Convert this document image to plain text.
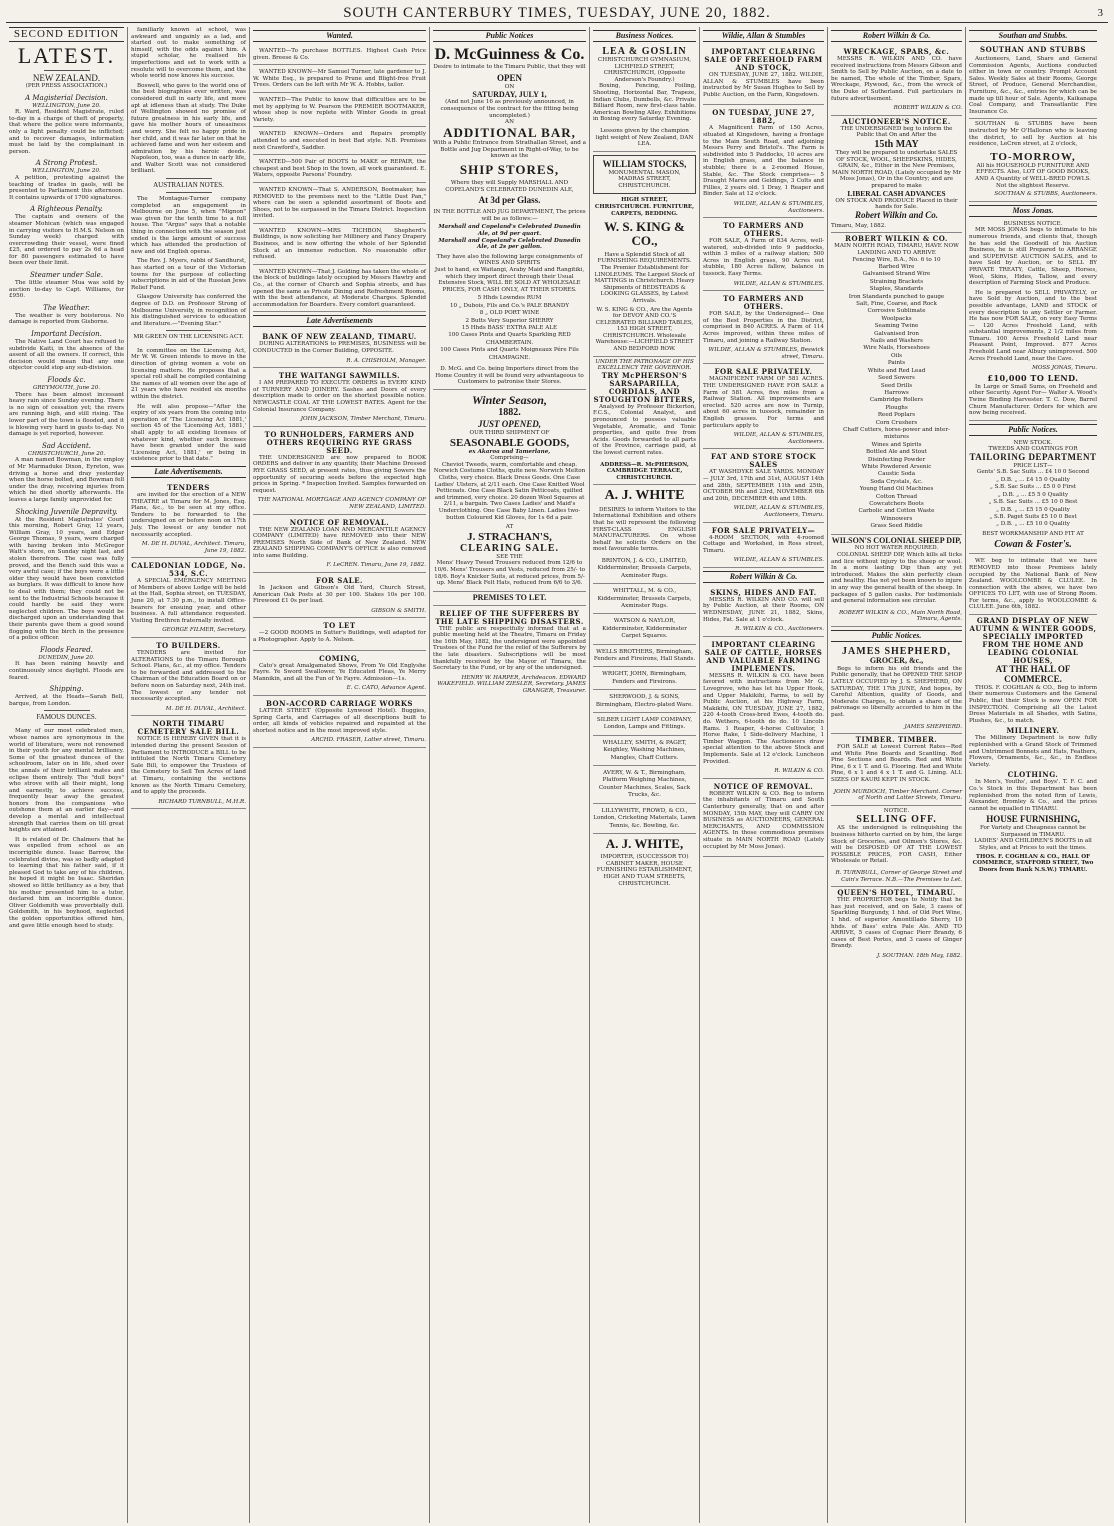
SOUTH CANTERBURY TIMES, TUESDAY, JUNE 20, 1882.	3
SECOND EDITION
LATEST.
NEW ZEALAND.
(PER PRESS ASSOCIATION.)
A Magisterial Decision.
WELLINGTON, June 20.

R. Ward, Resident Magistrate, ruled to-day in a charge of theft of property, that where the police were informants, only a light penalty could be inflicted; and to recover damages, information must be laid by the complainant in person.

A Strong Protest.
WELLINGTON, June 20.

A petition, protesting against the teaching of trades in gaols, will be presented to Parliament this afternoon. It contains upwards of 1700 signatures.

A Righteous Penalty.

The captain and owners of the steamer Mohican (which was engaged in carrying visitors to H.M.S. Nelson on Sunday week) charged with overcrowding their vessel, were fined £25, and ordered to pay 2s 6d a head for 80 passengers estimated to have been over their limit.

Steamer under Sale.

The little steamer Mua was sold by auction to-day to Capt. Williams, for £950.

The Weather.

The weather is very boisterous. No damage is reported from Gisborne.

Important Decision.

The Native Land Court has refused to subdivide Kaiti, in the absence of the assent of all the owners. If correct, this decision would mean that any one objector could stop any sub-division.

Floods &c.
GREYMOUTH, June 20.

There has been almost incessant heavy rain since Sunday evening. There is no sign of cessation yet; the rivers are running high, and still rising. The lower part of the town is flooded, and it is blowing very hard in gusts to-day. No damage is yet reported, however.

Sad Accident.
CHRISTCHURCH, June 20.

A man named Bowman, in the employ of Mr Marmaduke Dixon, Eyreton, was driving a horse and dray yesterday when the horse bolted, and Bowman fell under the dray, receiving injuries from which he died shortly afterwards. He leaves a large family unprovided for.

Shocking Juvenile Depravity.

At the Resident Magistrates' Court this morning, Robert Gray, 12 years, William Gray, 10 years, and Edgar George Thomas, 9 years, were charged with having broken into McGregor Watt's store, on Sunday night last, and stolen therefrom. The case was fully proved, and the Bench said this was a very awful case; if the boys were a little older they would have been convicted as burglars. It was difficult to know how to deal with them; they could not be sent to the Industrial Schools because it could hardly be said they were neglected children. The boys would be discharged upon an understanding that their parents gave them a good sound flogging with the birch in the presence of a police officer.

Floods Feared.
DUNEDIN, June 20.

It has been raining heavily and continuously since daylight. Floods are feared.

Shipping.

Arrived, at the Heads—Sarah Bell, barque, from London.

FAMOUS DUNCES.

Many of our most celebrated men, whose names are synonymous in the world of literature, were not renowned in their youth for any mental brilliancy. Some of the greatest dunces of the schoolroom, later on in life, shed over the annals of their brilliant mates and eclipse them entirely. The "dull boys" who strove with all their might, long and earnestly, to achieve success, frequently bear away the greatest honors from the companions who outshone them at an earlier day—and develop a mental and intellectual strength that carries them on till great heights are attained.

It is related of Dr. Chalmers that he was expelled from school as an incorrigible dunce. Isaac Barrow, the celebrated divine, was so badly adapted to learning that his father said, if it pleased God to take any of his children, he hoped it might be Isaac. Sheridan showed so little brilliancy as a boy, that his mother presented him to a tutor, declared him an incorrigible dunce. Oliver Goldsmith was proverbially dull. Goldsmith, in his boyhood, neglected the golden opportunities offered him, and gave little enough heed to study.

familiarly known at school, was awkward and ungainly as a lad, and started out to make something of himself, with the odds against him. A stupid scholar, he realised his imperfections and set to work with a resolute will to overcome them, and the whole world now knows his success.

Boswell, who gave to the world one of the best biographies ever written, was considered dull in early life, and more apt at idleness than at study. The Duke of Wellington showed no promise of future greatness in his early life, and gave his mother hours of uneasiness and worry. She felt no happy pride in her child, and it was far later on that he achieved fame and won her esteem and admiration by his heroic deeds. Napoleon, too, was a dunce in early life, and Walter Scott was not considered brilliant.

AUSTRALIAN NOTES.

The Montague-Turner company completed an engagement in Melbourne on June 5, when "Mignon" was given for the tenth time to a full house. The "Argus" says that a notable thing in connection with the season just ended is the large amount of success which has attended the production of new and old English operas.

The Rev. J. Myers, rabbi of Sandhurst, has started on a tour of the Victorian towns for the purpose of collecting subscriptions in aid of the Russian Jews Relief Fund.

Glasgow University has conferred the degree of D.D. on Professor Strong of Melbourne University, in recognition of his distinguished services to education and literature.—"Evening Star."

MR GREEN ON THE LICENSING ACT.

In committee on the Licensing Act, Mr W. W. Green intends to move in the direction of giving women a vote on licensing matters. He proposes that a special roll shall be compiled containing the names of all women over the age of 21 years who have resided six months within the district.

He will also propose—"After the expiry of six years from the coming into operation of 'The Licensing Act 1881,' section 45 of the 'Licensing Act, 1881,' shall apply to all existing licenses of whatever kind, whether such licenses have been granted under the said 'Licensing Act, 1881,' or being in existence prior to that date."

Late Advertisements.
TENDERS

are invited for the erection of a NEW THEATRE at Timaru for M. Jones, Esq. Plans, &c., to be seen at my office. Tenders to be forwarded to the undersigned on or before noon on 17th July. The lowest or any tender not necessarily accepted.

M. DE H. DUVAL, Architect. Timaru, June 19, 1882.
CALEDONIAN LODGE, No. 534, S.C.

A SPECIAL EMERGENCY MEETING of Members of above Lodge will be held at the Hall, Sophia street, on TUESDAY, June 20, at 7.30 p.m., to install Office-bearers for ensuing year, and other business. A full attendance requested. Visiting Brethren fraternally invited.

GEORGE FILMER, Secretary.
TO BUILDERS.

TENDERS are invited for ALTERATIONS to the Timaru Borough School. Plans, &c., at my office. Tenders to be forwarded and addressed to the Chairman of the Education Board on or before noon on Saturday next, 24th inst. The lowest or any tender not necessarily accepted.

M. DE H. DUVAL, Architect.
NORTH TIMARU CEMETERY SALE BILL.

NOTICE IS HEREBY GIVEN that it is intended during the present Session of Parliament to INTRODUCE a BILL to be intituled the North Timaru Cemetery Sale Bill, to empower the Trustees of the Cemetery to Sell Ten Acres of land at Timaru, containing the sections known as the North Timaru Cemetery, and to apply the proceeds.

RICHARD TURNBULL, M.H.R.
Wanted.

WANTED—To purchase BOTTLES. Highest Cash Price given. Breese & Co.

WANTED KNOWN—Mr Samuel Turner, late gardener to J. W. White Esq., is prepared to Prune and Blight-free Fruit Trees. Orders can be left with Mr W. A. Hobbs, tailor.

WANTED—The Public to know that difficulties are to be met by applying to W. Pearson the PREMIER BOOTMAKER, whose shop is now replete with Winter Goods in great Variety.

WANTED KNOWN—Orders and Repairs promptly attended to and executed in best Bad style. N.B. Premises next Crawford's, Saddler.

WANTED—500 Pair of BOOTS to MAKE or REPAIR, the cheapest and best Shop in the town, all work guaranteed. E. Waters, opposite Parsons' Foundry.

WANTED KNOWN—That S. ANDERSON, Bootmaker, has REMOVED to the premises next to the "Little Dust Pan," where can be seen a splendid assortment of Boots and Shoes, not to be surpassed in the Timaru District. Inspection invited.

WANTED KNOWN—MRS TICHBON, Shepherd's Buildings, is now soliciting her Millinery and Fancy Drapery Business, and is now offering the whole of her Splendid Stock at an immense reduction. No reasonable offer refused.

WANTED KNOWN—That J. Golding has taken the whole of the block of buildings lately occupied by Messrs Hawtry and Co., at the corner of Church and Sophia streets, and has opened the same as Private Dining and Refreshment Rooms, with the best attendance, at Moderate Charges. Splendid accommodation for Boarders. Every comfort guaranteed.

Late Advertisements
BANK OF NEW ZEALAND, TIMARU.

DURING ALTERATIONS to PREMISES, BUSINESS will be CONDUCTED in the Corner Building, OPPOSITE.

R. A. CHISHOLM, Manager.
THE WAITANGI SAWMILLS.

I AM PREPARED TO EXECUTE ORDERS in EVERY KIND of TURNERY AND JOINERY. Sashes and Doors of every description made to order on the shortest possible notice. NEWCASTLE COAL AT THE LOWEST RATES. Agent for the Colonial Insurance Company.

JOHN JACKSON, Timber Merchant, Timaru.
TO RUNHOLDERS, FARMERS AND OTHERS REQUIRING RYE GRASS SEED.

THE UNDERSIGNED are now prepared to BOOK ORDERS and deliver in any quantity, their Machine Dressed RYE GRASS SEED, at present rates, thus giving Sowers the opportunity of securing seeds before the expected high prices in Spring. * Inspection Invited. Samples forwarded on request.

THE NATIONAL MORTGAGE AND AGENCY COMPANY OF NEW ZEALAND, LIMITED.
NOTICE OF REMOVAL.

THE NEW ZEALAND LOAN AND MERCANTILE AGENCY COMPANY (LIMITED) have REMOVED into their NEW PREMISES North Side of Bank of New Zealand. NEW ZEALAND SHIPPING COMPANY'S OFFICE is also removed into same Building.

F. LeCREN. Timaru, June 19, 1882.
FOR SALE.

In Jackson and Gibson's Old Yard, Church Street, American Oak Posts at 30 per 100. Stakes 10s per 100. Firewood £1 0s per load.

GIBSON & SMITH.
TO LET

—2 GOOD ROOMS in Sutter's Buildings, well adapted for a Photographer. Apply to A. Nelson.

COMING,

Cato's great Amalgamated Shows, From Ye Old Englyshe Fayre. Ye Sword Swallower, Ye Educated Fleas, Ye Merry Mannikin, and all the Fun of Ye Fayre. Admission—1s.

E. C. CATO, Advance Agent.
BON-ACCORD CARRIAGE WORKS

LATTER STREET (Opposite Lynwood Hotel). Buggies, Spring Carts, and Carriages of all descriptions built to order, all kinds of vehicles repaired and repainted at the shortest notice and in the most improved style.

ARCHD. FRASER, Latter street, Timaru.
Public Notices
D. McGuinness & Co.
Desire to intimate to the Timaru Public, that they will
OPEN
ON
SATURDAY, JULY 1,
(And not June 16 as previously announced, in consequence of the contract for the fitting being uncompleted.)
AN
ADDITIONAL BAR,
With a Public Entrance from Strathallan Street, and a Bottle and Jug Department in Right-of-Way, to be known as the
SHIP STORES,
Where they will Supply MARSHALL AND COPELAND'S CELEBRATED DUNEDIN ALE,
At 3d per Glass.
IN THE BOTTLE AND JUG DEPARTMENT, The prices will be as follows:—
Marshall and Copeland's Celebrated Dunedin Ale, at 9d per quart.
Marshall and Copeland's Celebrated Dunedin Ale, at 2s per gallon.
They have also the following large consignments of WINES AND SPIRITS
Just to hand, ex Waitangi, Araby Maid and Rangitiki, which they import direct through their Usual Extensive Stock, WILL BE SOLD AT WHOLESALE PRICES, FOR CASH ONLY, AT THEIR STORES.
5 Hhds Lowndes RUM
10 „ Dubois, Fils and Co.'s PALE BRANDY
8 „ OLD PORT WINE
2 Butts Very Superior SHERRY
15 Hhds BASS' EXTRA PALE ALE
100 Cases Pints and Quarts Sparkling RED CHAMBERTAIN.
100 Cases Pints and Quarts Moigneaux Pére Fils CHAMPAGNE.
D. McG. and Co. being Importers direct from the Home Country it will be found very advantageous to Customers to patronise their Stores.
Winter Season,
1882.
JUST OPENED,
OUR THIRD SHIPMENT OF
SEASONABLE GOODS,
ex Akaroa and Tamerlane,
Comprising—
Cheviot Tweeds, warm, comfortable and cheap. Norwich Costume Cloths, quite new. Norwich Melton Cloths, very choice. Black Dress Goods. One Case Ladies' Ulsters, at 2/11 each. One Case Knitted Wool Petticoats. One Case Black Satin Petticoats, quilted and trimmed, very choice. 20 dozen Wool Squares at 2/11, a bargain. Two Cases Ladies' and Maid's Underclothing. One Case Baby Linen. Ladies two-button Coloured Kid Gloves, for 1s 6d a pair.
AT
J. STRACHAN'S,
CLEARING SALE.
SEE THE
Mens' Heavy Tweed Trousers reduced from 12/6 to 10/6. Mens' Trousers and Vests, reduced from 25/- to 18/6. Boy's Knicker Suits, at reduced prices, from 5/- up. Mens' Black Felt Hats, reduced from 6/6 to 3/6.
PREMISES TO LET.
RELIEF OF THE SUFFERERS BY THE LATE SHIPPING DISASTERS.

THE public are respectfully informed that at a public meeting held at the Theatre, Timaru on Friday the 16th May, 1882, the undersigned were appointed Trustees of the Fund for the relief of the Sufferers by the late disasters. Subscriptions will be most thankfully received by the Mayor of Timaru, the Secretary to the Fund, or by any of the undersigned.

HENRY W. HARPER, Archdeacon. EDWARD WAKEFIELD. WILLIAM ZIESLER, Secretary. JAMES GRANGER, Treasurer.
Business Notices.
LEA & GOSLIN
CHRISTCHURCH GYMNASIUM, LICHFIELD STREET, CHRISTCHURCH, (Opposite Anderson's Foundry.)

Boxing, Fencing, Foiling, Shooting, Horizontal Bar, Trapeze, Indian Clubs, Dumbells, &c. Private Billiard Room, new first-class table. American Bowling Alley. Exhibitions in Boxing every Saturday Evening.

Lessons given by the champion light weight of New Zealand, DAN LEA.
WILLIAM STOCKS,
MONUMENTAL MASON, MADRAS STREET, CHRISTCHURCH.
HIGH STREET, CHRISTCHURCH. FURNITURE, CARPETS, BEDDING.
W. S. KING & CO.,
Have a Splendid Stock of all FURNISHING REQUIREMENTS. The Premier Establishment for LINOLEUMS. The Largest Stock of MATTINGS in Christchurch. Heavy Shipments of BEDSTEADS & LOOKING GLASSES, by Latest Arrivals.
W. S. KING & CO., Are the Agents for DEVOY AND CO.'S CELEBRATED BILLIARD TABLES, 153 HIGH STREET, CHRISTCHURCH. Wholesale Warehouse:—LICHFIELD STREET AND BEDFORD ROW.
UNDER THE PATRONAGE OF HIS EXCELLENCY THE GOVERNOR.
TRY McPHERSON'S SARSAPARILLA, CORDIALS, AND STOUGHTON BITTERS,

Analysed by Professor Bickerton, F.C.S., Colonial Analyst, and pronounced to possess valuable Vegetable, Aromatic, and Tonic properties, and quite free from Acids. Goods forwarded to all parts of the Province, carriage paid, at the lowest current rates.

ADDRESS—R. McPHERSON, CAMBRIDGE TERRACE, CHRISTCHURCH.
A. J. WHITE

DESIRES to inform Visitors to the International Exhibition and others that he will represent the following FIRST-CLASS ENGLISH MANUFACTURERS. On whose behalf he solicits Orders on the most favourable terms.

BRINTON, J. & CO., LIMITED, Kidderminster, Brussels Carpets, Axminster Rugs.
WHITTALL, M. & CO., Kidderminster, Brussels Carpets, Axminster Rugs.
WATSON & NAYLOR, Kidderminster, Kidderminster Carpet Squares.
WELLS BROTHERS, Birmingham, Fenders and Fireirons, Hall Stands.
WRIGHT, JOHN, Birmingham, Fenders and Fireirons.
SHERWOOD, J. & SONS, Birmingham, Electro-plated Ware.
SILBER LIGHT LAMP COMPANY, London, Lamps and Fittings.
WHALLEY, SMITH, & PAGET, Keighley, Washing Machines, Mangles, Chaff Cutters.
AVERY, W. & T., Birmingham, Platform Weighing Machines, Counter Machines, Scales, Sack Trucks, &c.
LILLYWHITE, FROWD, & CO., London, Cricketing Materials, Lawn Tennis, &c. Bowling, &c.
A. J. WHITE,
IMPORTER, (SUCCESSOR TO) CABINET MAKER, HOUSE FURNISHING ESTABLISHMENT, HIGH AND TUAM STREETS, CHRISTCHURCH.
Wildie, Allan & Stumbles
IMPORTANT CLEARING SALE OF FREEHOLD FARM AND STOCK,

ON TUESDAY, JUNE 27, 1882. WILDIE, ALLAN & STUMBLES have been instructed by Mr Susan Hughes to Sell by Public Auction, on the Farm, Kingsdown.

ON TUESDAY, JUNE 27, 1882,

A Magnificent Farm of 150 Acres, situated at Kingsdown, having a frontage to the Main South Road, and adjoining Messrs Perry and Bristol's. The Farm is subdivided into 5 Paddocks, 10 acres are in English grass, and the balance in stubble; there is a 2-roomed House, Stable, &c. The Stock comprises— 5 Draught Mares and Geldings, 3 Colts and Fillies, 2 years old. 1 Dray, 1 Reaper and Binder. Sale at 12 o'clock.

WILDIE, ALLAN & STUMBLES, Auctioneers.
TO FARMERS AND OTHERS.

FOR SALE, A Farm of 834 Acres, well-watered, sub-divided into 9 paddocks, within 3 miles of a railway station; 500 Acres in English grass, 90 Acres out stubble, 180 Acres fallow, balance in tussock. Easy Terms.

WILDIE, ALLAN & STUMBLES.
TO FARMERS AND OTHERS.

FOR SALE, by the Undersigned— One of the Best Properties in the District, comprised in 840 ACRES. A Farm of 114 Acres improved, within three miles of Timaru, and joining a Railway Station.

WILDIE, ALLAN & STUMBLES, Beswick street, Timaru.
FOR SALE PRIVATELY.

MAGNIFICENT FARM OF 581 ACRES. THE UNDERSIGNED HAVE FOR SALE a Farm of 581 Acres, five miles from a Railway Station. All improvements are erected. 520 acres are now in Turnip, about 60 acres in tussock, remainder in English grasses. For terms and particulars apply to

WILDIE, ALLAN & STUMBLES, Auctioneers.
FAT AND STORE STOCK SALES

AT WASHDYKE SALE YARDS. MONDAY— JULY 3rd, 17th and 31st, AUGUST 14th and 28th, SEPTEMBER 11th and 25th, OCTOBER 9th and 23rd, NOVEMBER 6th and 20th, DECEMBER 4th and 18th.

WILDIE, ALLAN & STUMBLES, Auctioneers, Timaru.
FOR SALE PRIVATELY—

4-ROOM SECTION, with 4-roomed Cottage and Workshed, in Ross street, Timaru.

WILDIE, ALLAN & STUMBLES.
Robert Wilkin & Co.
SKINS, HIDES AND FAT.

MESSRS R. WILKIN AND CO. will sell by Public Auction, at their Rooms, ON WEDNESDAY, JUNE 21, 1882, Skins, Hides, Fat. Sale at 1 o'clock.

R. WILKIN & CO., Auctioneers.
IMPORTANT CLEARING SALE OF CATTLE, HORSES AND VALUABLE FARMING IMPLEMENTS.

MESSRS R. WILKIN & CO. have been favored with instructions from Mr G. Lovegrove, who has let his Upper Hook, and Upper Makikihi, Farms, to sell by Public Auction, at his Highway Farm, Makikihi, ON TUESDAY, JUNE 27, 1882, 220 4-tooth Cross-bred Ewes, 4-tooth do. do. Wethers, 6-tooth do do. 10 Lincoln Rams. 1 Reaper, 4-horse Cultivator, 1 Horse Rake, 1 Side-delivery Machine, 1 Timber Waggon. The Auctioneers draw special attention to the above Stock and Implements. Sale at 12 o'clock. Luncheon Provided.

R. WILKIN & CO.
NOTICE OF REMOVAL.

ROBERT WILKIN & CO. Beg to inform the inhabitants of Timaru and South Canterbury generally, that on and after MONDAY, 15th MAY, they will CARRY ON BUSINESS as AUCTIONEERS, GENERAL MERCHANTS, AND COMMISSION AGENTS. In those commodious premises situate in MAIN NORTH ROAD (Lately occupied by Mr Moss Jonas).

Robert Wilkin & Co.
WRECKAGE, SPARS, &c.

MESSRS R. WILKIN AND CO. have received instructions from Messrs Gibson and Smith to Sell by Public Auction, on a date to be named, The whole of the Timber, Spars, Wreckage, Plywood, &c., from the wreck of the Duke of Sutherland. Full particulars in future advertisement.

ROBERT WILKIN & CO.
AUCTIONEER'S NOTICE.
THE UNDERSIGNED beg to inform the Public that On and After the
15th MAY
They will be prepared to undertake SALES OF STOCK, WOOL, SHEEPSKINS, HIDES, GRAIN, &c., Either in the New Premises, MAIN NORTH ROAD, (Lately occupied by Mr Moss Jonas), Or in the Country; and are prepared to make
LIBERAL CASH ADVANCES
ON STOCK AND PRODUCE Placed in their hands for Sale.
Robert Wilkin and Co.
Timaru, May, 1882.
ROBERT WILKIN & CO.
MAIN NORTH ROAD, TIMARU, HAVE NOW LANDING AND TO ARRIVE
Fencing Wire, B.A., No. 6 to 10
Barbed Wire
Galvanised Strand Wire
Straining Brackets
Staples, Standards
Iron Standards punched to gauge
Salt, Fine, Coarse, and Rock
Corrosive Sublimate
Woolpacks
Seaming Twine
Galvanised Iron
Nails and Washers
Wire Nails, Horseshoes
Oils
Paints
White and Red Lead
Seed Sowers
Seed Drills
Harrows
Cambridge Rollers
Ploughs
Reed Poplars
Corn Crushers
Chaff Cutters, horse-power and inter-mixtures
Wines and Spirits
Bottled Ale and Stout
Disinfecting Powder
White Powdered Arsenic
Caustic Soda
Soda Crystals, &c.
Young Hand Oil Machines
Cotton Thread
Cowcatchers Boots
Carbolic and Cotton Waste
Winnowers
Grass Seed Riddle
WILSON'S COLONIAL SHEEP DIP,
NO HOT WATER REQUIRED.

COLONIAL SHEEP DIP, Which kills all ticks and lice without injury to the sheep or wool. In a more lasting Dip than any yet introduced. Makes the skin perfectly clean and healthy. Has not yet been known to injure in any way the general health of the sheep. In packages of 5 gallon casks. For testimonials and general information see circular.

ROBERT WILKIN & CO., Main North Road, Timaru, Agents.
Public Notices.
JAMES SHEPHERD,
GROCER, &c.,

Begs to inform his old friends and the Public generally, that he OPENED THE SHOP LATELY OCCUPIED by J. S. SHEPHERD, ON SATURDAY, THE 17th JUNE, And hopes, by Careful Attention, quality of Goods, and Moderate Charges, to obtain a share of the patronage so liberally accorded to him in the past.

JAMES SHEPHERD.
TIMBER. TIMBER.

FOR SALE at Lowest Current Rates—Red and White Pine Boards and Scantling. Red Pine Sections and Boards. Red and White Pine, 6 x 1 T. and G. Flooring. Red and White Pine, 6 x 1 and 4 x 1 T. and G. Lining. ALL SIZES OF KAURI KEPT IN STOCK.

JOHN MURDOCH, Timber Merchant. Corner of North and Latter Streets, Timaru.
NOTICE.
SELLING OFF.

AS the undersigned is relinquishing the business hitherto carried on by him, the large Stock of Groceries, and Oilmen's Stores, &c. will be DISPOSED OF AT THE LOWEST POSSIBLE PRICES, FOR CASH, Either Wholesale or Retail.

R. TURNBULL, Corner of George Street and Cain's Terrace. N.B.—The Premises to Let.
QUEEN'S HOTEL, TIMARU.

THE PROPRIETOR begs to Notify that he has just received, and on Sale, 3 cases of Sparkling Burgundy, 1 hhd. of Old Port Wine, 1 hhd. of superior Amontillado Sherry, 10 hhds. of Bass' extra Pale Ale. AND TO ARRIVE, 5 cases of Cognac Pierr Brandy, 6 cases of Best Portes, and 3 cases of Ginger Brandy.

J. SOUTHAN. 18th May, 1882.
Southan and Stubbs.
SOUTHAN AND STUBBS

Auctioneers, Land, Share and General Commission Agents, Auctions conducted either in town or country. Prompt Account Sales. Weekly Sales at their Rooms, George Street, of Produce, General Merchandise, Furniture, &c., &c., entries for which can be made up till hour of Sale. Agents, Kaikanapa Coal Company, and Transatlantic Fire Insurance Co.

SOUTHAN & STUBBS have been instructed by Mr O'Halloran who is leaving the district, to sell by Auction at his residence, LeCren street, at 2 o'clock,

TO-MORROW,
All his HOUSEHOLD FURNITURE AND EFFECTS. Also, LOT OF GOOD BOOKS, AND A Quantity of WELL-BRED FOWLS. Not the slightest Reserve.
SOUTHAN & STUBBS, Auctioneers.
Moss Jonas.
BUSINESS NOTICE.

MR MOSS JONAS begs to intimate to his numerous friends, and clients that, though he has sold the Goodwill of his Auction Business, he is still Prepared to ARRANGE and SUPERVISE AUCTION SALES, and to have Sold by Auction, or to SELL BY PRIVATE TREATY, Cattle, Sheep, Horses, Wool, Skins, Hides, Tallow, and every description of Farming Stock and Produce.

He is prepared to SELL PRIVATELY, or have Sold by Auction, and to the best possible advantage, LAND and STOCK of every description to any Settler or Farmer. He has now FOR SALE, on very Easy Terms— 120 Acres Freehold Land, with substantial improvements, 2 1/2 miles from Timaru. 100 Acres Freehold Land near Pleasant Point, Improved. 877 Acres Freehold Land near Albury unimproved. 500 Acres Freehold Land, near the Cave.

MOSS JONAS, Timaru.
£10,000 TO LEND.

In Large or Small Sums, on Freehold and other Security. Agent For— Walter A. Wood's Twine Binding Harvester. T. C. Dow, Barrel Churn Manufacturer. Orders for which are now being received.

Public Notices.
NEW STOCK.
TWEEDS AND COATINGS FOR
TAILORING DEPARTMENT
PRICE LIST—
Gents' S.B. Sac Suits ... £4 10 0 Second
„ D.B. „ ... £4 15 0 Quality
„ S.B. Sac Suits ... £5 0 0 First
„ D.B. „ ... £5 5 0 Quality
„ S.B. Sac Suits ... £5 10 0 Best
„ D.B. „ ... £5 15 0 Quality
„ S.B. Paget Suits £5 10 0 Best
„ D.B. „ ... £5 10 0 Quality
BEST WORKMANSHIP AND FIT AT
Cowan & Foster's.

WE beg to intimate that we have REMOVED into those Premises lately occupied by the National Bank of New Zealand. WOOLCOMBE & CLULEE. In connection with the above, we have two OFFICES TO LET, with use of Strong Room. For terms, &c., apply to WOOLCOMBE & CLULEE. June 6th, 1882.

GRAND DISPLAY OF NEW AUTUMN & WINTER GOODS, SPECIALLY IMPORTED FROM THE HOME AND LEADING COLONIAL HOUSES,
AT THE HALL OF COMMERCE.

THOS. F. COGHLAN & CO., Beg to inform their numerous Customers and the General Public, that their Stock is now OPEN FOR INSPECTION. Comprising all the Latest Dress Materials in all Shades, with Satins, Plushes, &c., to match.

MILLINERY.

The Millinery Department is now fully replenished with a Grand Stock of Trimmed and Untrimmed Bonnets and Hats, Feathers, Flowers, Ornaments, &c., &c., in Endless Variety.

CLOTHING.

In Men's, Youths', and Boys'. T. F. C. and Co.'s Stock in this Department has been replenished from the noted firm of Lewis, Alexander, Bromley & Co., and the prices cannot be equalled in TIMARU.

HOUSE FURNISHING,
For Variety and Cheapness cannot be Surpassed in TIMARU.
LADIES' AND CHILDREN'S BOOTS in all Styles, and at Prices to suit the times.
THOS. F. COGHLAN & CO., HALL OF COMMERCE, STAFFORD STREET, Two Doors from Bank N.S.W.) TIMARU.
